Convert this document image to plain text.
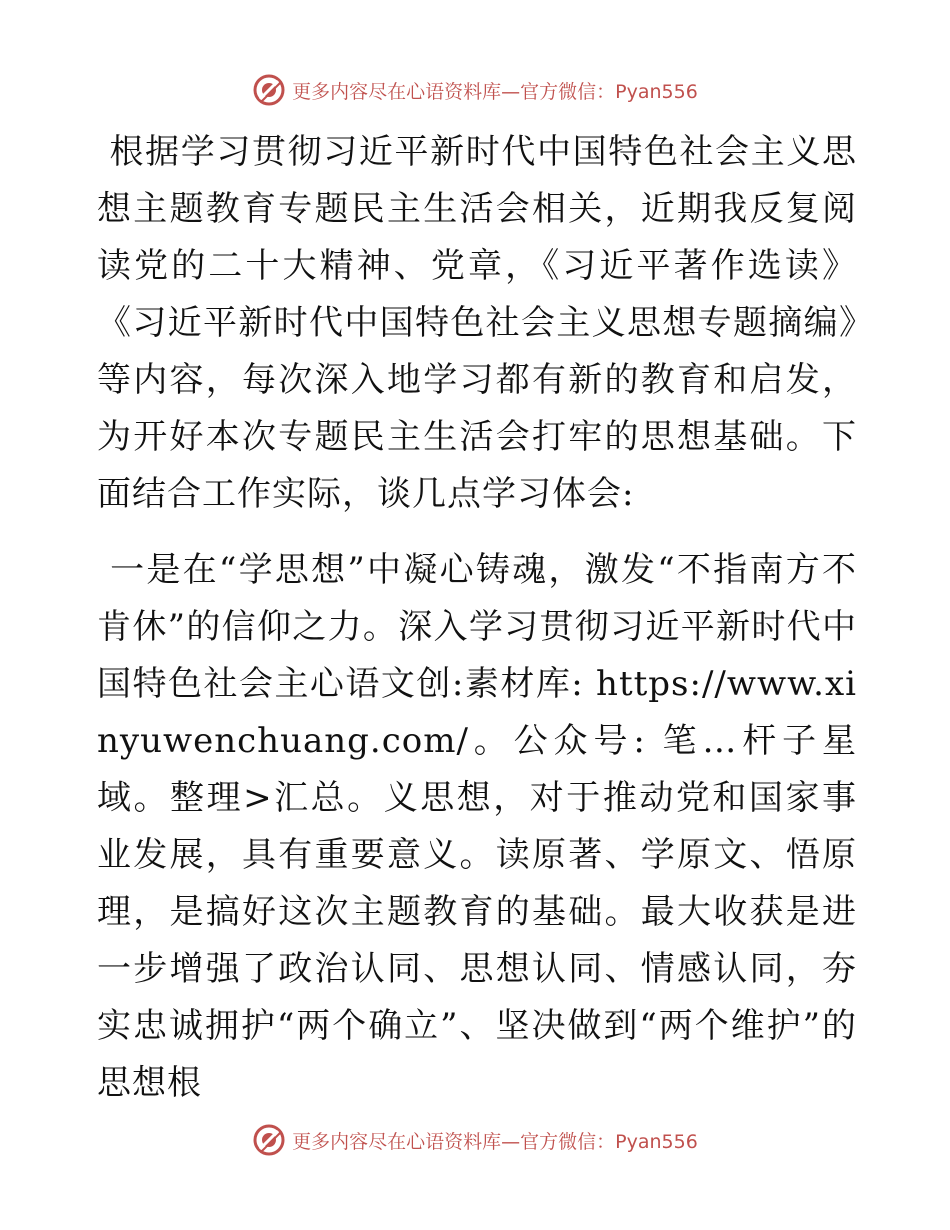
更多内容尽在心语资料库—官方微信：Pyan556

根据学习贯彻习近平新时代中国特色社会主义思想主题教育专题民主生活会相关，近期我反复阅读党的二十大精神、党章，《习近平著作选读》《习近平新时代中国特色社会主义思想专题摘编》等内容，每次深入地学习都有新的教育和启发，为开好本次专题民主生活会打牢的思想基础。下面结合工作实际，谈几点学习体会:

一是在“学思想”中凝心铸魂，激发“不指南方不肯休”的信仰之力。深入学习贯彻习近平新时代中国特色社会主心语文创:素材库: https://www.xinyuwenchuang.com/。公众号: 笔…杆子星域。整理>汇总。义思想，对于推动党和国家事业发展，具有重要意义。读原著、学原文、悟原理，是搞好这次主题教育的基础。最大收获是进一步增强了政治认同、思想认同、情感认同，夯实忠诚拥护“两个确立”、坚决做到“两个维护”的思想根

更多内容尽在心语资料库—官方微信：Pyan556
